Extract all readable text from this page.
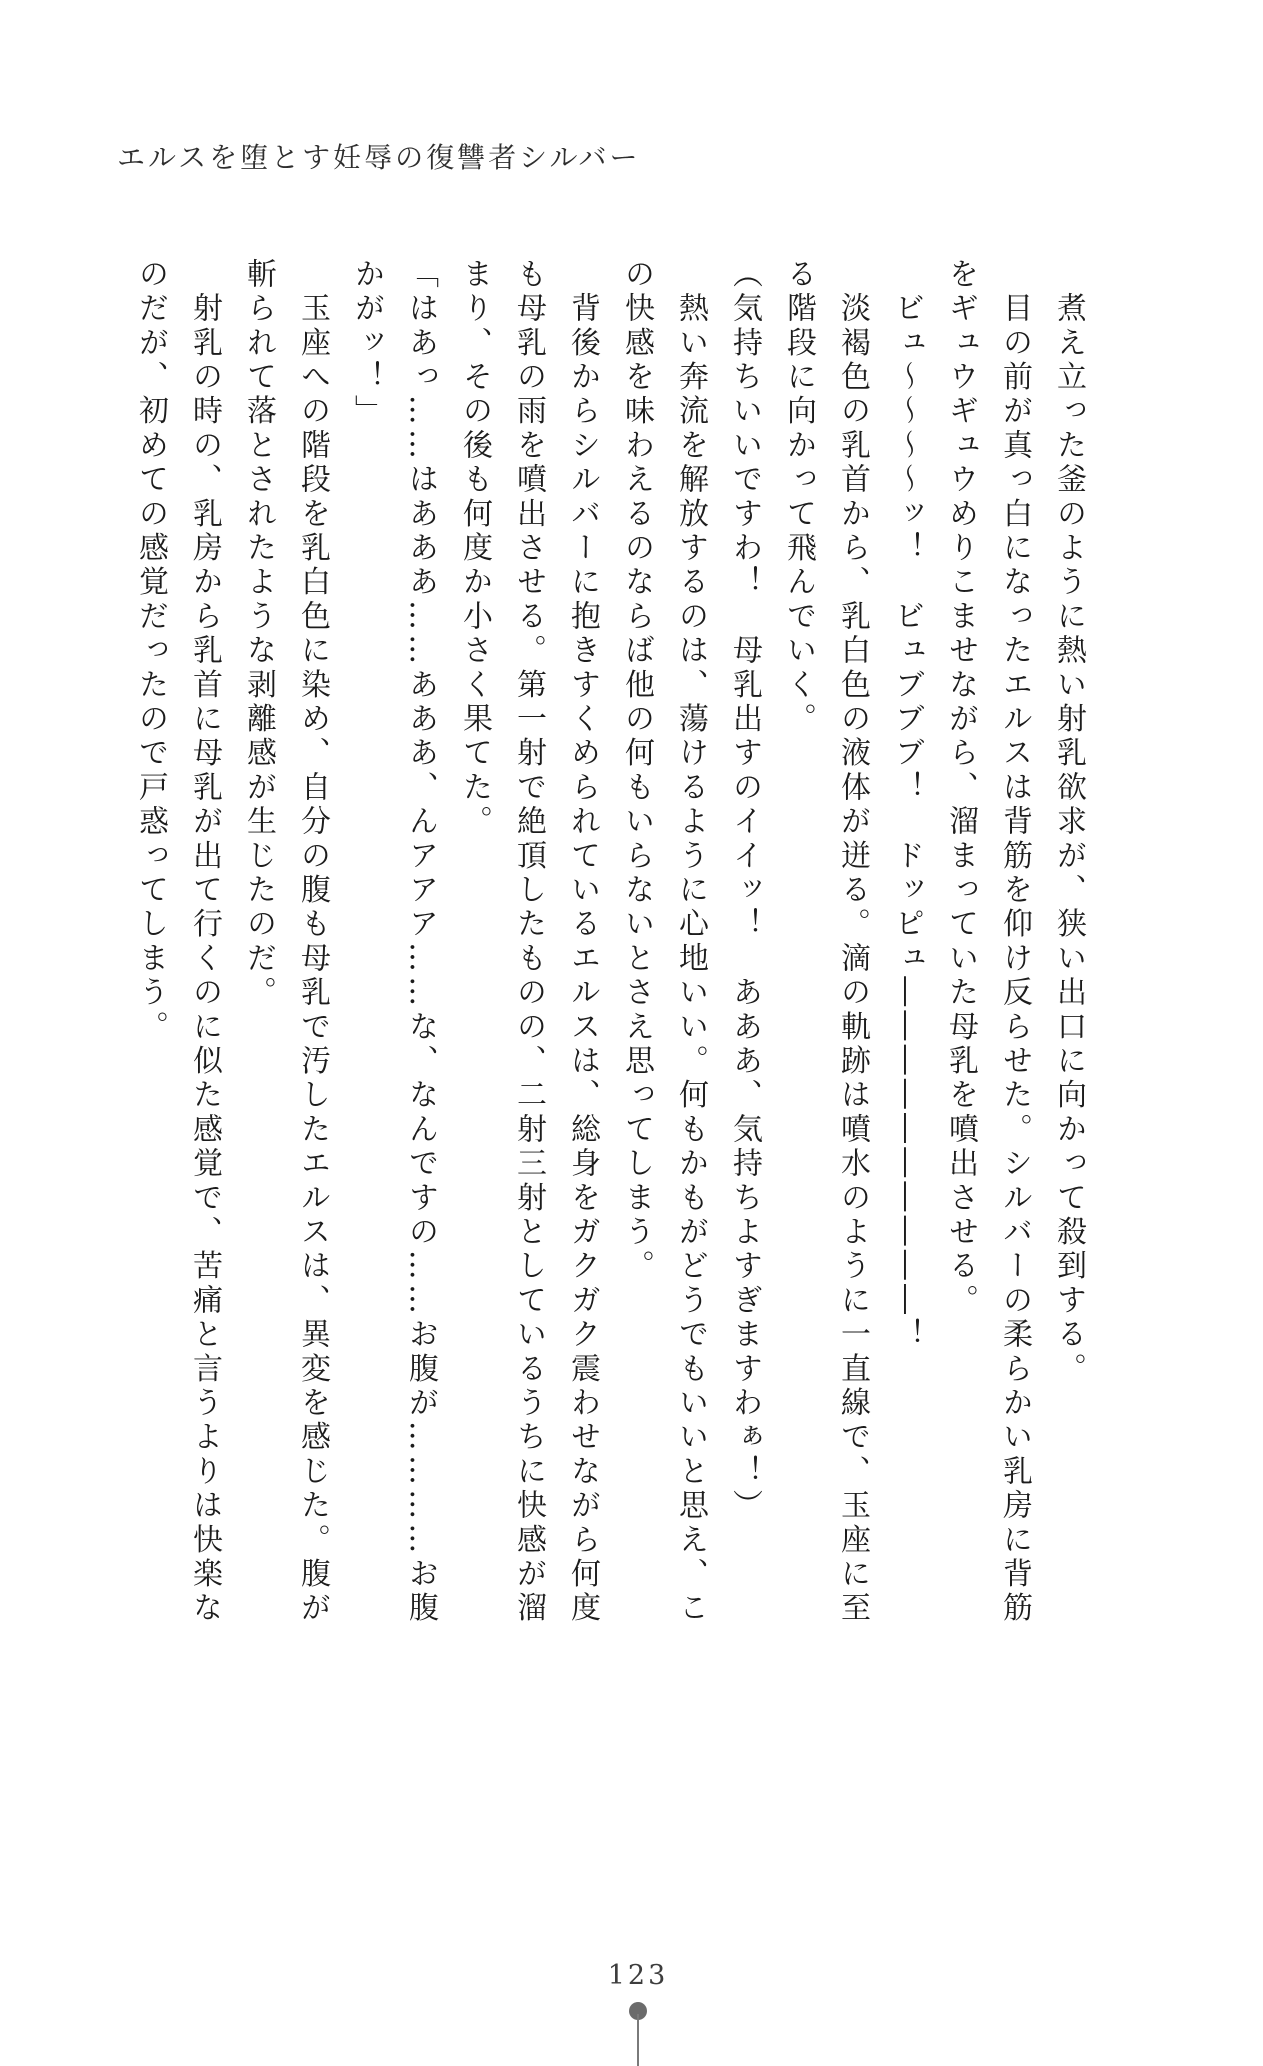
エルスを堕とす妊辱の復讐者シルバー

　煮え立った釜のように熱い射乳欲求が、狭い出口に向かって殺到する。

　目の前が真っ白になったエルスは背筋を仰け反らせた。シルバーの柔らかい乳房に背筋

をギュウギュウめりこませながら、溜まっていた母乳を噴出させる。

　ビュ～～～～ッ！　ビュブブブ！　ドッピュ――――――――――！

　淡褐色の乳首から、乳白色の液体が迸る。滴の軌跡は噴水のように一直線で、玉座に至

る階段に向かって飛んでいく。

（気持ちいいですわ！　母乳出すのイイッ！　あああ、気持ちよすぎますわぁ！）

　熱い奔流を解放するのは、蕩けるように心地いい。何もかもがどうでもいいと思え、こ

の快感を味わえるのならば他の何もいらないとさえ思ってしまう。

　背後からシルバーに抱きすくめられているエルスは、総身をガクガク震わせながら何度

も母乳の雨を噴出させる。第一射で絶頂したものの、二射三射としているうちに快感が溜

まり、その後も何度か小さく果てた。

「はあっ……はあああ……あああ、んアアア……な、なんですの……お腹が…………お腹

かがッ！」

　玉座への階段を乳白色に染め、自分の腹も母乳で汚したエルスは、異変を感じた。腹が

斬られて落とされたような剥離感が生じたのだ。

　射乳の時の、乳房から乳首に母乳が出て行くのに似た感覚で、苦痛と言うよりは快楽な

のだが、初めての感覚だったので戸惑ってしまう。

123
